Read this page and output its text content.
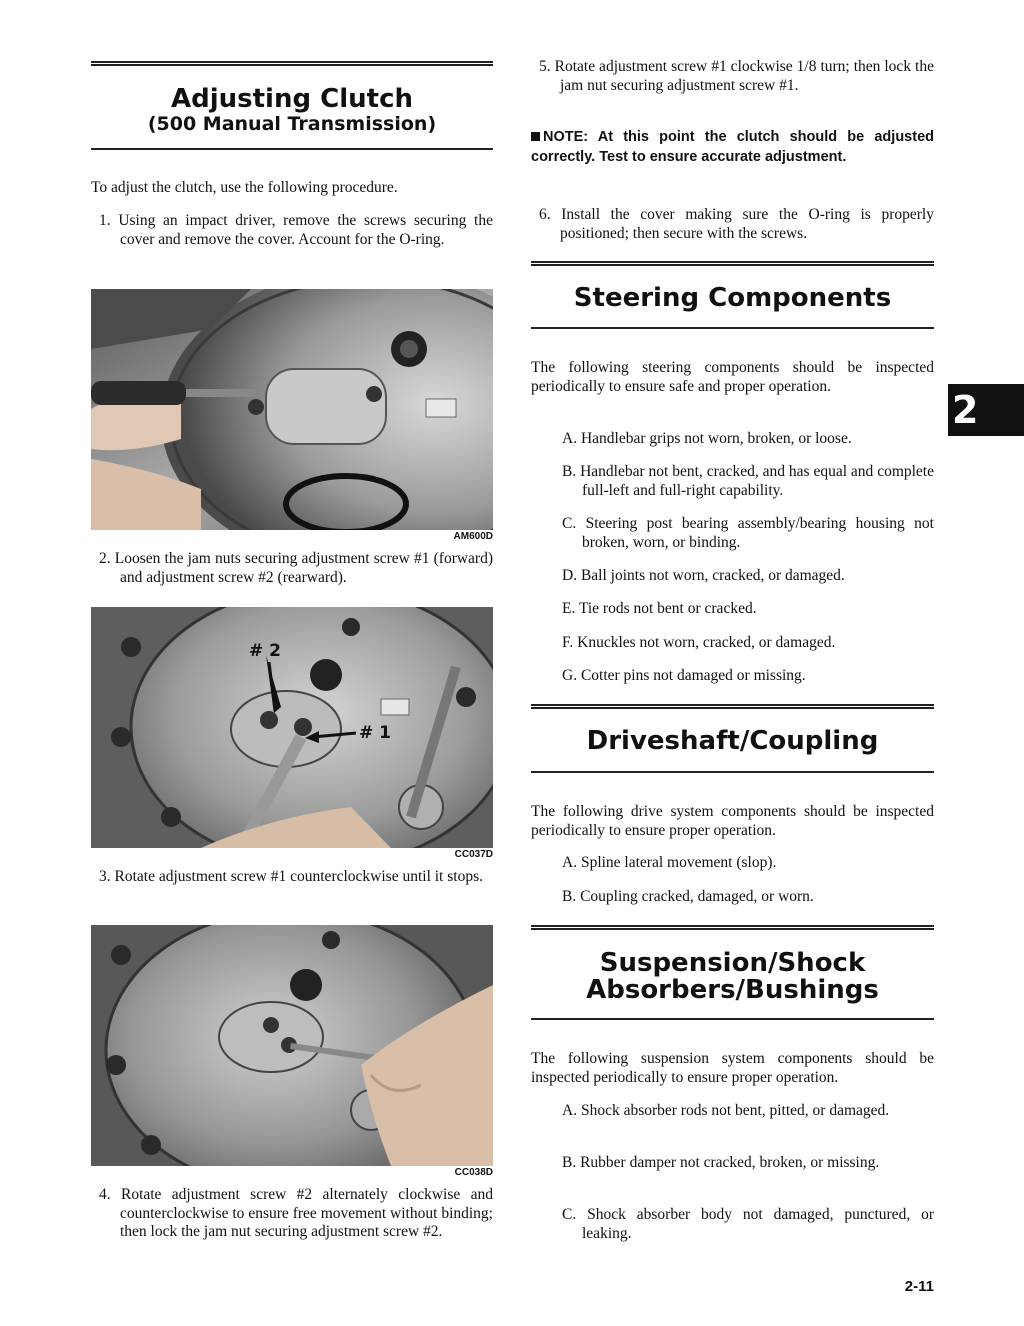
Adjusting Clutch
(500 Manual Transmission)

To adjust the clutch, use the following procedure.

1. Using an impact driver, remove the screws securing the cover and remove the cover. Account for the O-ring.

AM600D

2. Loosen the jam nuts securing adjustment screw #1 (forward) and adjustment screw #2 (rearward).

# 2
# 1
CC037D

3. Rotate adjustment screw #1 counterclockwise until it stops.

CC038D

4. Rotate adjustment screw #2 alternately clockwise and counterclockwise to ensure free movement without binding; then lock the jam nut securing adjustment screw #2.

5. Rotate adjustment screw #1 clockwise 1/8 turn; then lock the jam nut securing adjustment screw #1.

NOTE: At this point the clutch should be adjusted correctly. Test to ensure accurate adjustment.

6. Install the cover making sure the O-ring is properly positioned; then secure with the screws.

Steering Components

The following steering components should be inspected periodically to ensure safe and proper operation.

A. Handlebar grips not worn, broken, or loose.

B. Handlebar not bent, cracked, and has equal and complete full-left and full-right capability.

C. Steering post bearing assembly/bearing housing not broken, worn, or binding.

D. Ball joints not worn, cracked, or damaged.

E. Tie rods not bent or cracked.

F. Knuckles not worn, cracked, or damaged.

G. Cotter pins not damaged or missing.

Driveshaft/Coupling

The following drive system components should be inspected periodically to ensure proper operation.

A. Spline lateral movement (slop).

B. Coupling cracked, damaged, or worn.

Suspension/Shock
Absorbers/Bushings

The following suspension system components should be inspected periodically to ensure proper operation.

A. Shock absorber rods not bent, pitted, or damaged.

B. Rubber damper not cracked, broken, or missing.

C. Shock absorber body not damaged, punctured, or leaking.

2
2-11
